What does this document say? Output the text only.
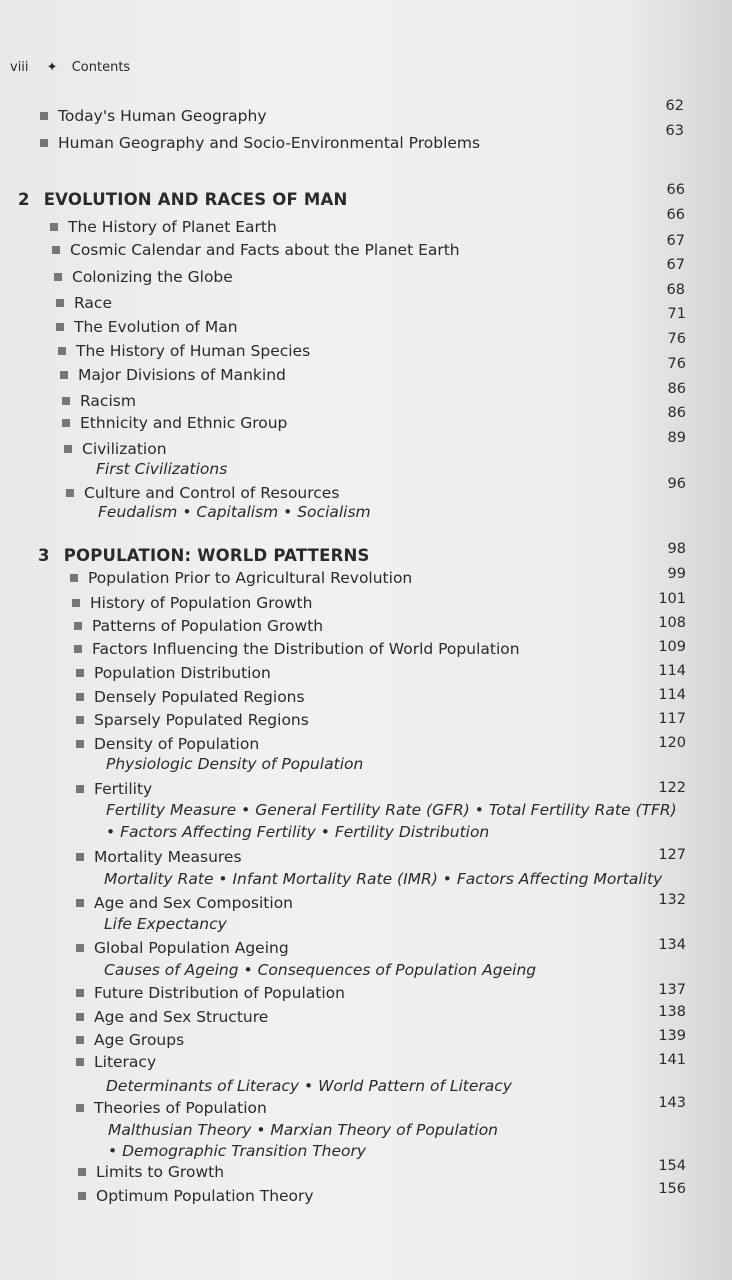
viii ✦ Contents
Today's Human Geography
Human Geography and Socio-Environmental Problems
2 EVOLUTION AND RACES OF MAN
The History of Planet Earth
Cosmic Calendar and Facts about the Planet Earth
Colonizing the Globe
Race
The Evolution of Man
The History of Human Species
Major Divisions of Mankind
Racism
Ethnicity and Ethnic Group
Civilization
First Civilizations
Culture and Control of Resources
Feudalism • Capitalism • Socialism
3 POPULATION: WORLD PATTERNS
Population Prior to Agricultural Revolution
History of Population Growth
Patterns of Population Growth
Factors Influencing the Distribution of World Population
Population Distribution
Densely Populated Regions
Sparsely Populated Regions
Density of Population
Physiologic Density of Population
Fertility
Fertility Measure • General Fertility Rate (GFR) • Total Fertility Rate (TFR)
• Factors Affecting Fertility • Fertility Distribution
Mortality Measures
Mortality Rate • Infant Mortality Rate (IMR) • Factors Affecting Mortality
Age and Sex Composition
Life Expectancy
Global Population Ageing
Causes of Ageing • Consequences of Population Ageing
Future Distribution of Population
Age and Sex Structure
Age Groups
Literacy
Determinants of Literacy • World Pattern of Literacy
Theories of Population
Malthusian Theory • Marxian Theory of Population
• Demographic Transition Theory
Limits to Growth
Optimum Population Theory
62
63
66
66
67
67
68
71
76
76
86
86
89
96
98
99
101
108
109
114
114
117
120
122
127
132
134
137
138
139
141
143
154
156
